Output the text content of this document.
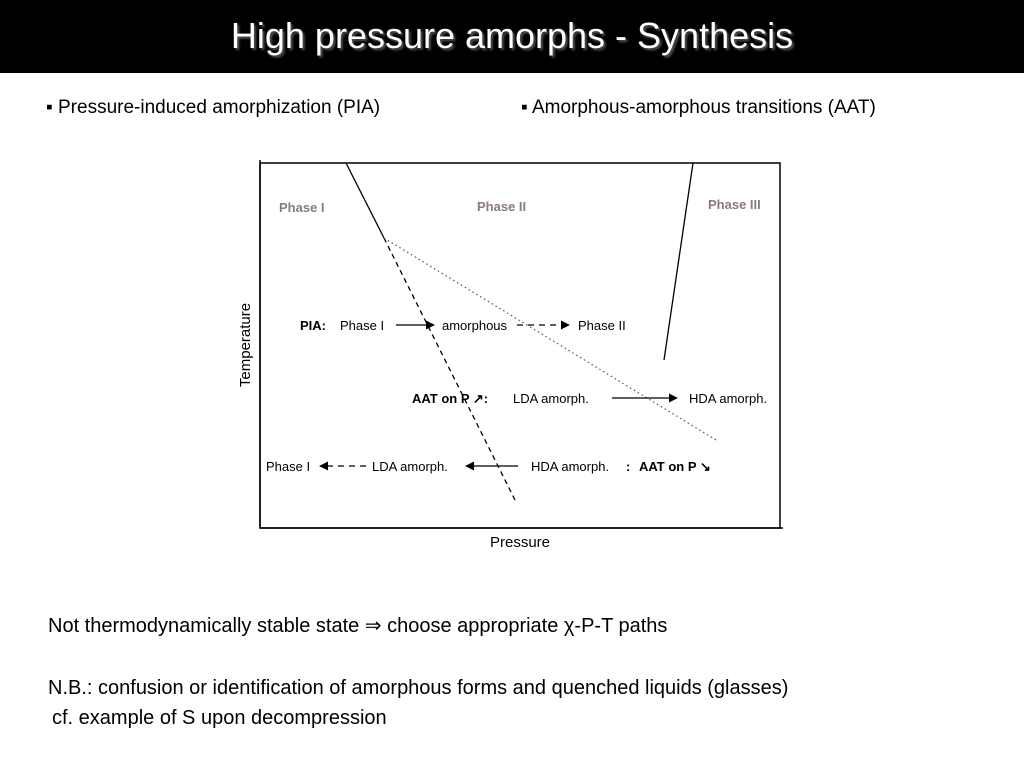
High pressure amorphs - Synthesis
▪ Pressure-induced amorphization (PIA)	▪ Amorphous-amorphous transitions (AAT)
Phase I	Phase II	Phase III
Pressure
Temperature	PIA: Phase I	amorphous	Phase II
AAT on P ↗: LDA amorph.	HDA amorph.
Phase I	LDA amorph.	HDA amorph. : AAT on P ↘
Not thermodynamically stable state ⇒ choose appropriate χ-P-T paths
N.B.: confusion or identification of amorphous forms and quenched liquids (glasses)
cf. example of S upon decompression
